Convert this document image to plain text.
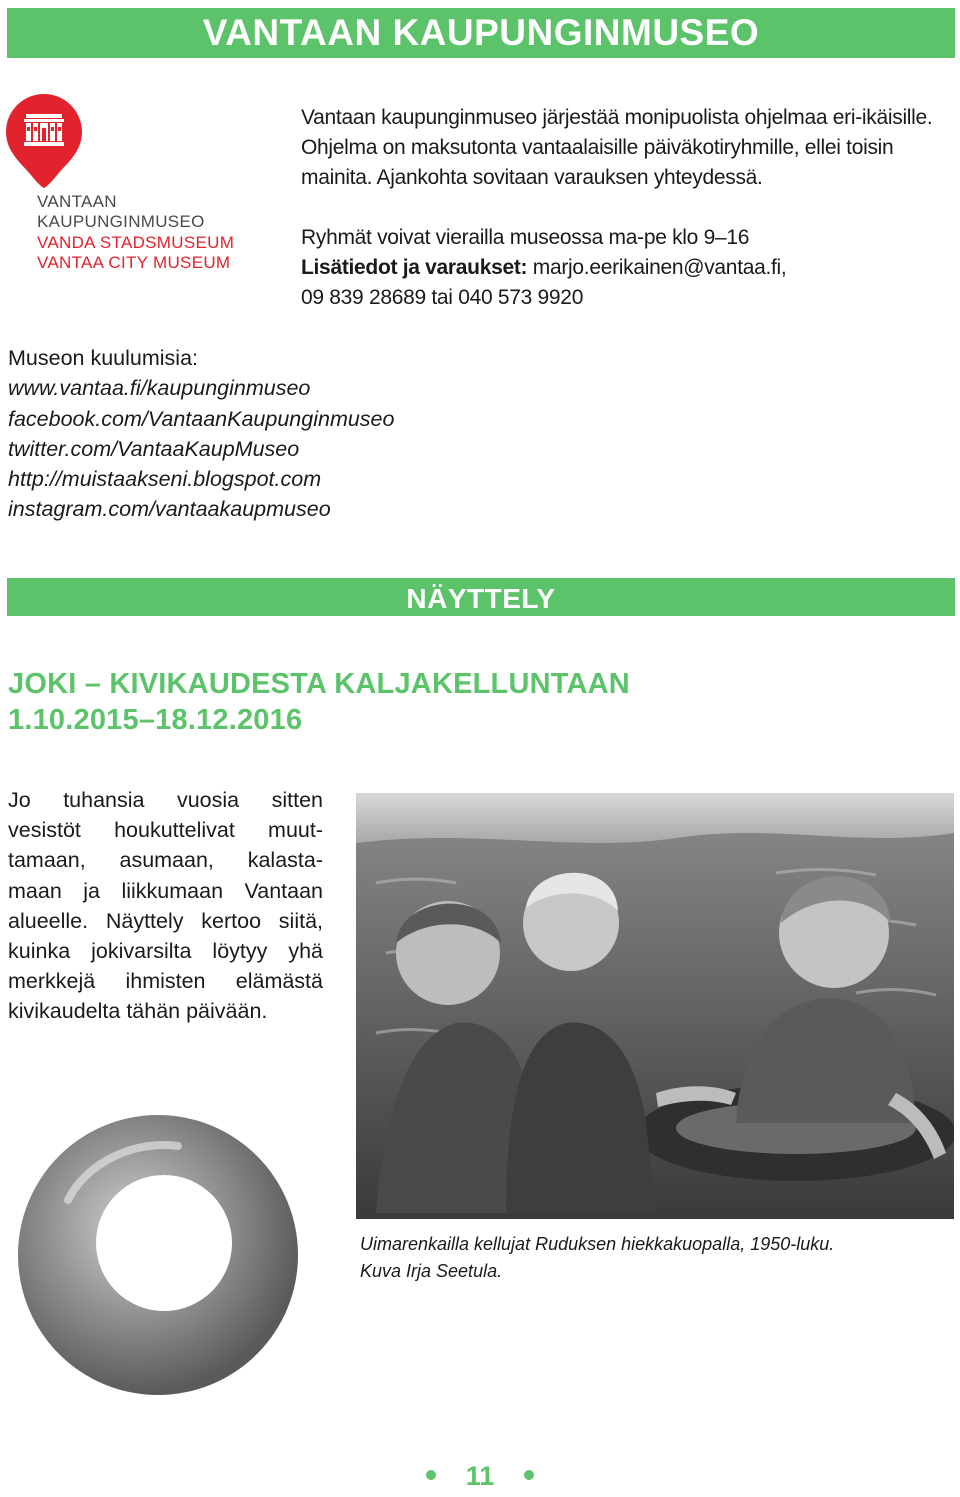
VANTAAN KAUPUNGINMUSEO
VANTAAN
KAUPUNGINMUSEO
VANDA STADSMUSEUM
VANTAA CITY MUSEUM

Vantaan kaupunginmuseo järjestää monipuolista ohjelmaa eri-ikäisille. Ohjelma on maksutonta vantaalaisille päiväkotiryhmille, ellei toisin mainita. Ajankohta sovitaan varauksen yhteydessä.

Ryhmät voivat vierailla museossa ma-pe klo 9–16

Lisätiedot ja varaukset: marjo.eerikainen@vantaa.fi,

09 839 28689 tai 040 573 9920

Museon kuulumisia:
www.vantaa.fi/kaupunginmuseo
facebook.com/VantaanKaupunginmuseo
twitter.com/VantaaKaupMuseo
http://muistaakseni.blogspot.com
instagram.com/vantaakaupmuseo
NÄYTTELY
JOKI – KIVIKAUDESTA KALJAKELLUNTAAN
1.10.2015–18.12.2016
Jo tuhansia vuosia sitten
vesistöt houkuttelivat muut-
tamaan, asumaan, kalasta-
maan ja liikkumaan Vantaan
alueelle. Näyttely kertoo siitä,
kuinka jokivarsilta löytyy yhä
merkkejä ihmisten elämästä
kivikaudelta tähän päivään.
Uimarenkailla kellujat Ruduksen hiekkakuopalla, 1950-luku.
Kuva Irja Seetula.
11
